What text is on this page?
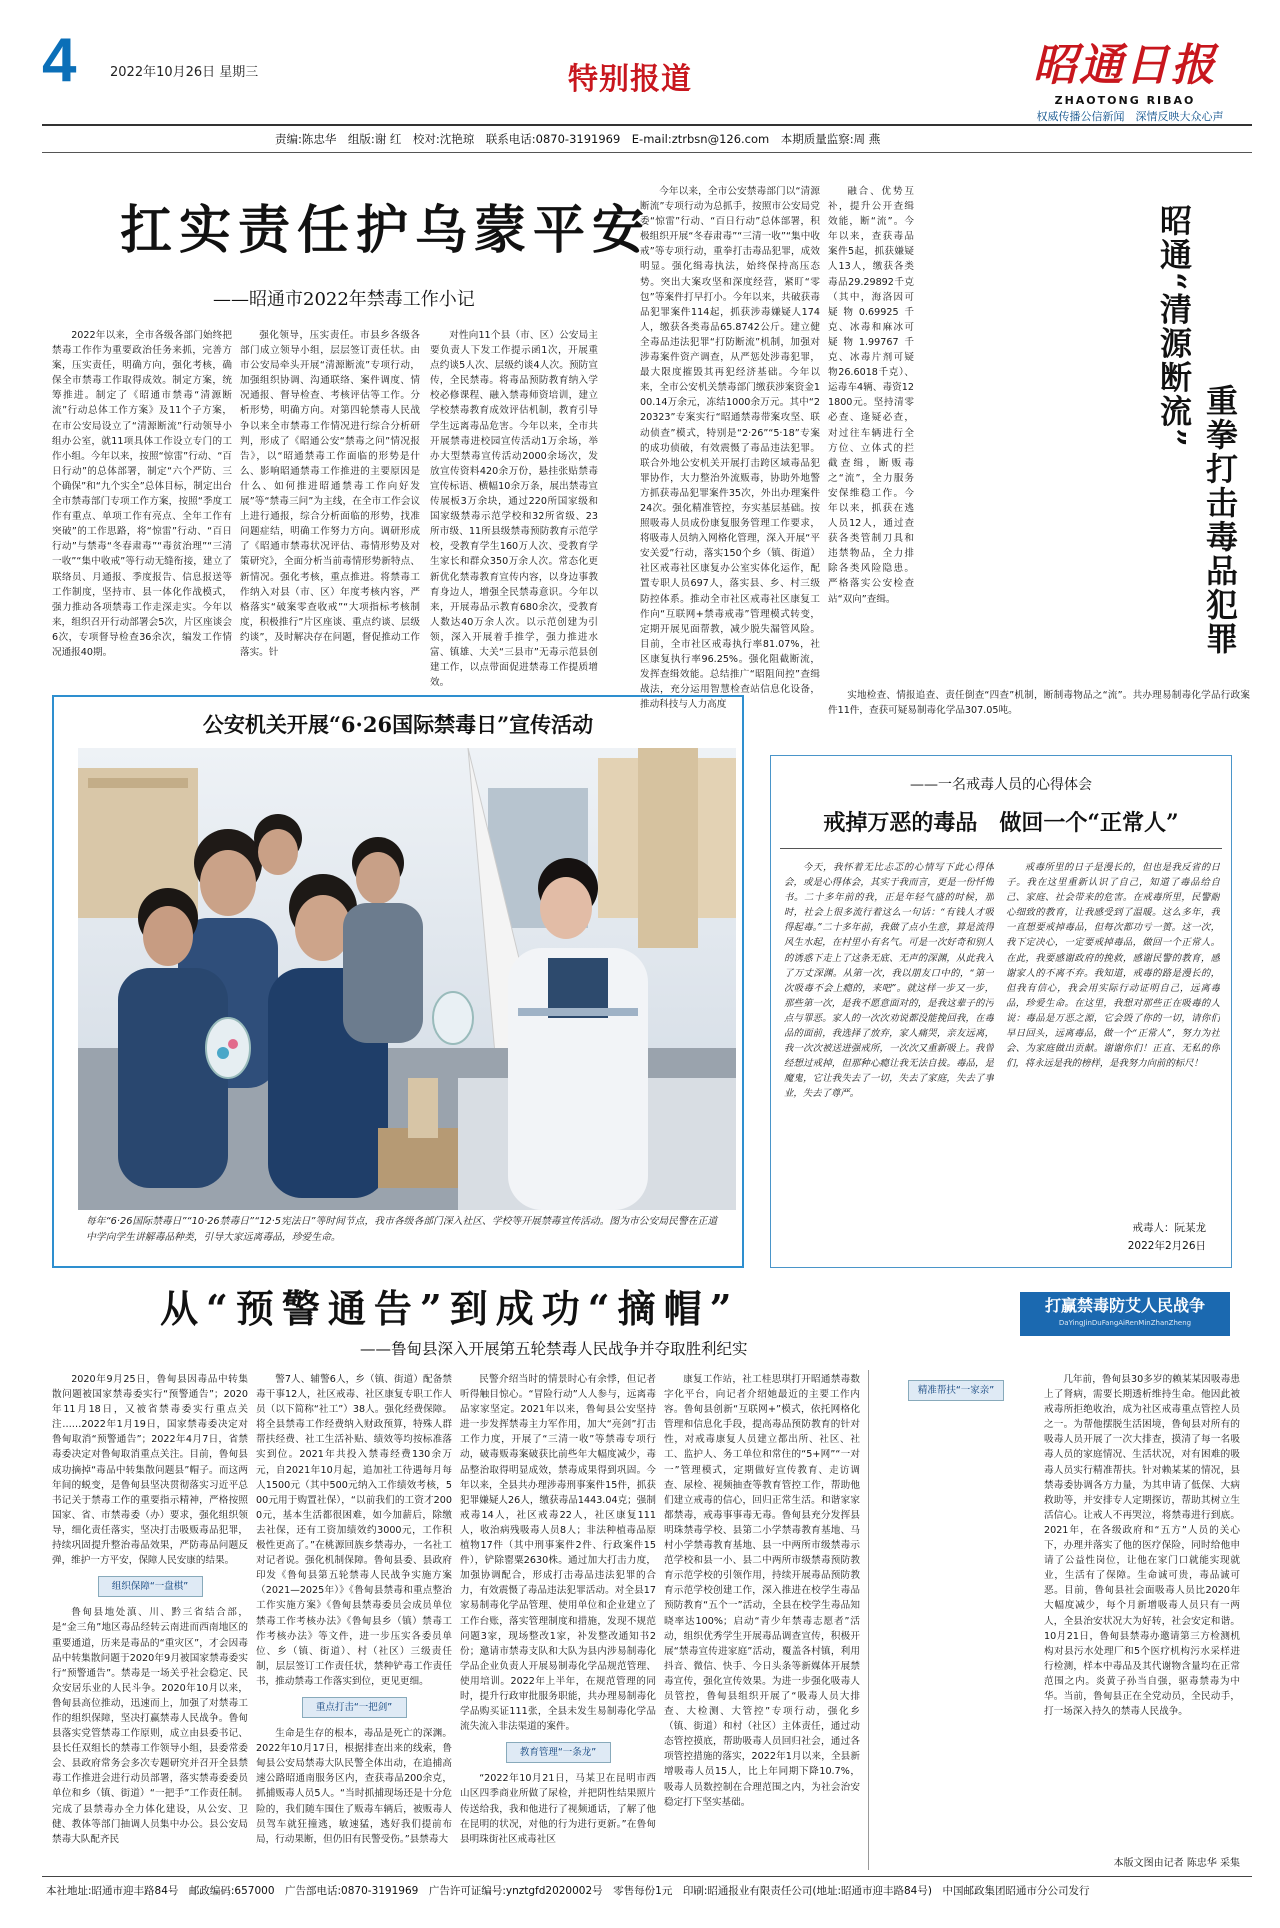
4	2022年10月26日 星期三	特别报道	昭通日报
ZHAOTONG RIBAO
权威传播公信新闻　深情反映大众心声
责编:陈忠华　组版:谢 红　校对:沈艳琼　联系电话:0870-3191969　E-mail:ztrbsn@126.com　本期质量监察:周 燕
扛实责任护乌蒙平安
——昭通市2022年禁毒工作小记

2022年以来，全市各级各部门始终把禁毒工作作为重要政治任务来抓，完善方案，压实责任，明确方向，强化考核，确保全市禁毒工作取得成效。制定方案，统筹推进。制定了《昭通市禁毒“清源断流”行动总体工作方案》及11个子方案，在市公安局设立了“清源断流”行动领导小组办公室，就11项具体工作设立专门的工作小组。今年以来，按照“惊雷”行动、“百日行动”的总体部署，制定“六个严防、三个确保”和“九个实全”总体目标，制定出台全市禁毒部门专项工作方案，按照“季度工作有重点、单项工作有亮点、全年工作有突破”的工作思路，将“惊雷”行动、“百日行动”与禁毒“冬春肃毒”“毒贫治理”“三清一收”“集中收戒”等行动无缝衔接，建立了联络员、月通报、季度报告、信息报送等工作制度，坚持市、县一体化作战模式，强力推动各项禁毒工作走深走实。今年以来，组织召开行动部署会5次，片区座谈会6次，专项督导检查36余次，编发工作情况通报40期。

强化领导，压实责任。市县乡各级各部门成立领导小组，层层签订责任状。由市公安局牵头开展“清源断流”专项行动，加强组织协调、沟通联络、案件调度、情况通报、督导检查、考核评估等工作。分析形势，明确方向。对第四轮禁毒人民战争以来全市禁毒工作情况进行综合分析研判，形成了《昭通公安“禁毒之问”情况报告》，以“昭通禁毒工作面临的形势是什么、影响昭通禁毒工作推进的主要原因是什么、如何推进昭通禁毒工作向好发展”等“禁毒三问”为主线，在全市工作会议上进行通报，综合分析面临的形势，找准问题症结，明确工作努力方向。调研形成了《昭通市禁毒状况评估、毒情形势及对策研究》，全面分析当前毒情形势新特点、新情况。强化考核，重点推进。将禁毒工作纳入对县（市、区）年度考核内容，严格落实“破案零查收戒”“大项指标考核制度，积极推行”片区座谈、重点约谈、层级约谈”，及时解决存在问题，督促推动工作落实。针

对性向11个县（市、区）公安局主要负责人下发工作提示函1次，开展重点约谈5人次、层级约谈4人次。预防宣传，全民禁毒。将毒品预防教育纳入学校必修课程、融入禁毒师资培训，建立学校禁毒教育成效评估机制，教育引导学生远离毒品危害。今年以来，全市共开展禁毒进校园宣传活动1万余场，举办大型禁毒宣传活动2000余场次，发放宣传资料420余万份，悬挂张贴禁毒宣传标语、横幅10余万条，展出禁毒宣传展板3万余块，通过220所国家级和国家级禁毒示范学校和32所省级、23所市级、11所县级禁毒预防教育示范学校，受教育学生160万人次、受教育学生家长和群众350万余人次。常态化更新优化禁毒教育宣传内容，以身边事教育身边人，增强全民禁毒意识。今年以来，开展毒品示教育680余次，受教育人数达40万余人次。以示范创建为引领，深入开展着手推学，强力推进水富、镇雄、大关“三县市”无毒示范县创建工作，以点带面促进禁毒工作提质增效。

今年以来，全市公安禁毒部门以“清源断流”专项行动为总抓手，按照市公安局党委“惊雷”行动、“百日行动”总体部署，积极组织开展“冬春肃毒”“三清一收”“集中收戒”等专项行动，重拳打击毒品犯罪，成效明显。强化缉毒执法，始终保持高压态势。突出大案攻坚和深度经营，紧盯“零包”等案件打早打小。今年以来，共破获毒品犯罪案件114起，抓获涉毒嫌疑人174人，缴获各类毒品65.8742公斤。建立健全毒品违法犯罪“打防断流”机制，加强对涉毒案件资产调查，从严惩处涉毒犯罪，最大限度摧毁其再犯经济基础。今年以来，全市公安机关禁毒部门缴获涉案资金100.14万余元，冻结1000余万元。其中“220323”专案实行“昭通禁毒带案攻坚、联动侦查”模式，特别是“2·26”“5·18”专案的成功侦破，有效震慑了毒品违法犯罪。联合外地公安机关开展打击跨区域毒品犯罪协作，大力整治外流贩毒，协助外地警方抓获毒品犯罪案件35次，外出办理案件24次。强化精准管控，夯实基层基础。按照吸毒人员成份康复服务管理工作要求，将吸毒人员纳入网格化管理，深入开展“平安关爱”行动，落实150个乡（镇、街道）社区戒毒社区康复办公室实体化运作，配置专职人员697人，落实县、乡、村三级防控体系。推动全市社区戒毒社区康复工作向“互联网+禁毒戒毒”管理模式转变，定期开展见面帮教，减少脱失漏管风险。目前，全市社区戒毒执行率81.07%，社区康复执行率96.25%。强化阻截断流，发挥查缉效能。总结推广“昭阻间控”查缉战法，充分运用智慧检查站信息化设备，推动科技与人力高度

融合、优势互补，提升公开查缉效能，断“流”。今年以来，查获毒品案件5起，抓获嫌疑人13人，缴获各类毒品29.29892千克（其中，海洛因可疑物0.69925千克、冰毒和麻冰可疑物1.99767千克、冰毒片剂可疑物26.6018千克）、运毒车4辆、毒资121800元。坚持清零必查、逢疑必查，对过往车辆进行全方位、立体式的拦截查缉，断贩毒之“流”，全力服务安保维稳工作。今年以来，抓获在逃人员12人，通过查获各类管制刀具和违禁物品，全力排除各类风险隐患。严格落实公安检查站“双向”查缉。

实地检查、情报追查、责任倒查“四查”机制，断制毒物品之“流”。共办理易制毒化学品行政案件11件，查获可疑易制毒化学品307.05吨。

昭通“清源断流”
重拳打击毒品犯罪
公安机关开展“6·26国际禁毒日”宣传活动
每年“6·26国际禁毒日”“10·26禁毒日”“12·5宪法日”等时间节点，我市各级各部门深入社区、学校等开展禁毒宣传活动。图为市公安局民警在正道中学向学生讲解毒品种类，引导大家远离毒品，珍爱生命。
——一名戒毒人员的心得体会
戒掉万恶的毒品　做回一个“正常人”

今天，我怀着无比忐忑的心情写下此心得体会，或是心得体会，其实于我而言，更是一份忏悔书。二十多年前的我，正是年轻气盛的时候，那时，社会上很多流行着这么一句话：“有钱人才吸得起毒。”二十多年前，我做了点小生意，算是流得风生水起，在村里小有名气。可是一次好奇和别人的诱惑下走上了这条无底、无声的深渊，从此我入了万丈深渊。从第一次，我以朋友口中的，“第一次吸毒不会上瘾的，来吧”。就这样一步又一步，那些第一次，是我不愿意面对的，是我这辈子的污点与罪恶。家人的一次次劝说都没能挽回我，在毒品的面前，我选择了放弃，家人痛哭，亲友远离，我一次次被送进强戒所，一次次又重新吸上。我曾经想过戒掉，但那种心瘾让我无法自拔。毒品，是魔鬼，它让我失去了一切，失去了家庭，失去了事业，失去了尊严。

戒毒所里的日子是漫长的，但也是我反省的日子。我在这里重新认识了自己，知道了毒品给自己、家庭、社会带来的危害。在戒毒所里，民警耐心细致的教育，让我感受到了温暖。这么多年，我一直想要戒掉毒品，但每次都功亏一篑。这一次，我下定决心，一定要戒掉毒品，做回一个正常人。在此，我要感谢政府的挽救，感谢民警的教育，感谢家人的不离不弃。我知道，戒毒的路是漫长的，但我有信心，我会用实际行动证明自己，远离毒品，珍爱生命。在这里，我想对那些正在吸毒的人说：毒品是万恶之源，它会毁了你的一切，请你们早日回头，远离毒品，做一个“正常人”，努力为社会、为家庭做出贡献。谢谢你们！正直、无私的你们，将永远是我的榜样，是我努力向前的标尺！

戒毒人：阮某龙
2022年2月26日
从“预警通告”到成功“摘帽”
——鲁甸县深入开展第五轮禁毒人民战争并夺取胜利纪实
打赢禁毒防艾人民战争
DaYingJinDuFangAiRenMinZhanZheng

2020年9月25日，鲁甸县因毒品中转集散问题被国家禁毒委实行“预警通告”；2020年11月18日，又被省禁毒委实行重点关注……2022年1月19日，国家禁毒委决定对鲁甸取消“预警通告”；2022年4月7日，省禁毒委决定对鲁甸取消重点关注。目前，鲁甸县成功摘掉“毒品中转集散问题县”帽子。而这两年间的蜕变，是鲁甸县坚决贯彻落实习近平总书记关于禁毒工作的重要指示精神，严格按照国家、省、市禁毒委（办）要求，强化组织领导，细化责任落实，坚决打击吸贩毒品犯罪，持续巩固提升整治毒品效果，严防毒品问题反弹，维护一方平安，保障人民安康的结果。

组织保障“一盘棋”

鲁甸县地处滇、川、黔三省结合部，是“金三角”地区毒品经转云南进而西南地区的重要通道，历来是毒品的“重灾区”，才会因毒品中转集散问题于2020年9月被国家禁毒委实行“预警通告”。禁毒是一场关乎社会稳定、民众安居乐业的人民斗争。2020年10月以来，鲁甸县高位推动，迅速而上，加强了对禁毒工作的组织保障，坚决打赢禁毒人民战争。鲁甸县落实党管禁毒工作原则，成立由县委书记、县长任双组长的禁毒工作领导小组，县委常委会、县政府常务会多次专题研究并召开全县禁毒工作推进会进行动员部署，落实禁毒委委员单位和乡（镇、街道）“一把手”工作责任制。完成了县禁毒办全力体化建设，从公安、卫健、教体等部门抽调人员集中办公。县公安局禁毒大队配齐民

警7人、辅警6人，乡（镇、街道）配备禁毒干事12人，社区戒毒、社区康复专职工作人员（以下简称“社工”）38人。强化经费保障。将全县禁毒工作经费纳入财政预算，特殊人群帮扶经费、社工生活补贴、绩效等均按标准落实到位。2021年共投入禁毒经费130余万元，自2021年10月起，追加社工待遇每月每人1500元（其中500元纳入工作绩效考核，500元用于购置社保），“以前我们的工资才2000元，基本生活都很困难，如今加薪后，除缴去社保，还有工资加绩效约3000元，工作积极性更高了。”在桃源回族乡禁毒办，一名社工对记者说。强化机制保障。鲁甸县委、县政府印发《鲁甸县第五轮禁毒人民战争实施方案（2021—2025年）》《鲁甸县禁毒和重点整治工作实施方案》《鲁甸县禁毒委员会成员单位禁毒工作考核办法》《鲁甸县乡（镇）禁毒工作考核办法》等文件，进一步压实各委员单位、乡（镇、街道）、村（社区）三级责任制，层层签订工作责任状，禁种铲毒工作责任书，推动禁毒工作落实到位，更见更细。

重点打击“一把剑”

生命是生存的根本，毒品是死亡的深渊。2022年10月17日，根据排查出来的线索，鲁甸县公安局禁毒大队民警全体出动，在追捕高速公路昭通南服务区内，查获毒品200余克，抓捕贩毒人员5人。“当时抓捕现场还是十分危险的，我们随车围住了贩毒车辆后，被贩毒人员驾车就狂撞逃，敏速猛，逃好我们提前布局，行动果断，但仍旧有民警受伤。”县禁毒大

民警介绍当时的情景时心有余悸，但记者听得触目惊心。“冒险行动”人人参与，远离毒品家家坚定。2021年以来，鲁甸县公安坚持进一步发挥禁毒主力军作用，加大“亮剑”打击工作力度，开展了“三清一收”等禁毒专项行动，破毒贩毒案破获比前些年大幅度减少，毒品整治取得明显成效，禁毒成果得到巩固。今年以来，全县共办理涉毒刑事案件15件，抓获犯罪嫌疑人26人，缴获毒品1443.04克；强制戒毒14人，社区戒毒22人，社区康复111人，收治病残吸毒人员8人；非法种植毒品原植物17件（其中刑事案件2件、行政案件15件），铲除罂粟2630株。通过加大打击力度，加强协调配合，形成打击毒品违法犯罪的合力，有效震慑了毒品违法犯罪活动。对全县17家易制毒化学品管理、使用单位和企业建立了工作台账，落实管理制度和措施，发现不规范问题3家，现场整改1家，补发整改通知书2份；邀请市禁毒支队和大队为县内涉易制毒化学品企业负责人开展易制毒化学品规范管理、使用培训。2022年上半年，在规范管理的同时，提升行政审批服务职能，共办理易制毒化学品购买证111张，全县未发生易制毒化学品流失流入非法渠道的案件。

教育管理“一条龙”

“2022年10月21日，马某卫在昆明市西山区四季商业所做了尿检，并把阴性结果照片传送给我，我和他进行了视频通话，了解了他在昆明的状况，对他的行为进行更新。”在鲁甸县明珠街社区戒毒社区

康复工作站，社工桂思琪打开昭通禁毒数字化平台，向记者介绍她最近的主要工作内容。鲁甸县创新“互联网+”模式，依托网格化管理和信息化手段，提高毒品预防教育的针对性，对戒毒康复人员建立都出所、社区、社工、监护人、务工单位和常住的“5+网”“一对一”管理模式，定期做好宣传教育、走访调查、尿检、视频抽查等教育管控工作，帮助他们建立戒毒的信心，回归正常生活。和谐家家都禁毒，戒毒事事毒无毒。鲁甸县充分发挥县明珠禁毒学校、县第二小学禁毒教育基地、马村小学禁毒教育基地、县一中两所市级禁毒示范学校和县一小、县二中两所市级禁毒预防教育示范学校的引领作用，持续开展毒品预防教育示范学校创建工作，深入推进在校学生毒品预防教育“五个一”活动，全县在校学生毒品知晓率达100%；启动“青少年禁毒志愿者”活动，组织优秀学生开展毒品调查宣传，积极开展“禁毒宣传进家庭”活动，覆盖各村镇，利用抖音、微信、快手、今日头条等新媒体开展禁毒宣传，强化宣传效果。为进一步强化吸毒人员管控，鲁甸县组织开展了“吸毒人员大排查、大检测、大管控”专项行动，强化乡（镇、街道）和村（社区）主体责任，通过动态管控摸底，帮助吸毒人员回归社会，通过各项管控措施的落实，2022年1月以来，全县新增吸毒人员15人，比上年同期下降10.7%，吸毒人员数控制在合理范围之内，为社会治安稳定打下坚实基础。

精准帮扶“一家亲”

几年前，鲁甸县30多岁的赖某某因吸毒患上了肾病，需要长期透析维持生命。他因此被戒毒所拒绝收治，成为社区戒毒重点管控人员之一。为帮他摆脱生活困境，鲁甸县对所有的吸毒人员开展了一次大排查，摸清了每一名吸毒人员的家庭情况、生活状况，对有困难的吸毒人员实行精准帮扶。针对赖某某的情况，县禁毒委协调各方力量，为其申请了低保、大病救助等，并安排专人定期探访，帮助其树立生活信心。让戒人不再哭泣，将禁毒进行到底。2021年，在各级政府和“五方”人员的关心下，办理并落实了他的医疗保险，同时给他申请了公益性岗位，让他在家门口就能实现就业，生活有了保障。生命诚可贵，毒品诚可恶。目前，鲁甸县社会面吸毒人员比2020年大幅度减少，每个月新增吸毒人员只有一两人，全县治安状况大为好转，社会安定和谐。10月21日，鲁甸县禁毒办邀请第三方检测机构对县污水处理厂和5个医疗机构污水采样进行检测，样本中毒品及其代谢物含量均在正常范围之内。炎黄子孙当自强，驱毒禁毒为中华。当前，鲁甸县正在全党动员，全民动手，打一场深入持久的禁毒人民战争。

本版文图由记者 陈忠华 采集
本社地址:昭通市迎丰路84号　邮政编码:657000　广告部电话:0870-3191969　广告许可证编号:ynztgfd2020002号　零售每份1元　印刷:昭通报业有限责任公司(地址:昭通市迎丰路84号)　中国邮政集团昭通市分公司发行
